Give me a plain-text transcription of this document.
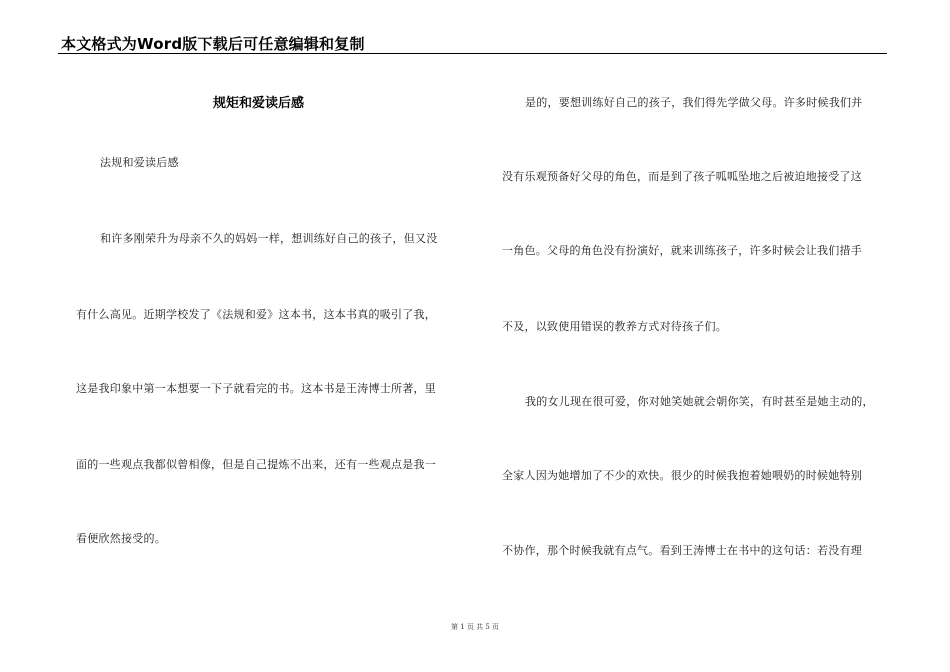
本文格式为Word版下载后可任意编辑和复制
规矩和爱读后感
法规和爱读后感
和许多刚荣升为母亲不久的妈妈一样，想训练好自己的孩子，但又没
有什么高见。近期学校发了《法规和爱》这本书，这本书真的吸引了我，
这是我印象中第一本想要一下子就看完的书。这本书是王涛博士所著，里
面的一些观点我都似曾相像，但是自己提炼不出来，还有一些观点是我一
看便欣然接受的。
是的，要想训练好自己的孩子，我们得先学做父母。许多时候我们并
没有乐观预备好父母的角色，而是到了孩子呱呱坠地之后被迫地接受了这
一角色。父母的角色没有扮演好，就来训练孩子，许多时候会让我们措手
不及，以致使用错误的教养方式对待孩子们。
我的女儿现在很可爱，你对她笑她就会朝你笑，有时甚至是她主动的，
全家人因为她增加了不少的欢快。很少的时候我抱着她喂奶的时候她特别
不协作，那个时候我就有点气。看到王涛博士在书中的这句话：若没有理
第 1 页 共 5 页
